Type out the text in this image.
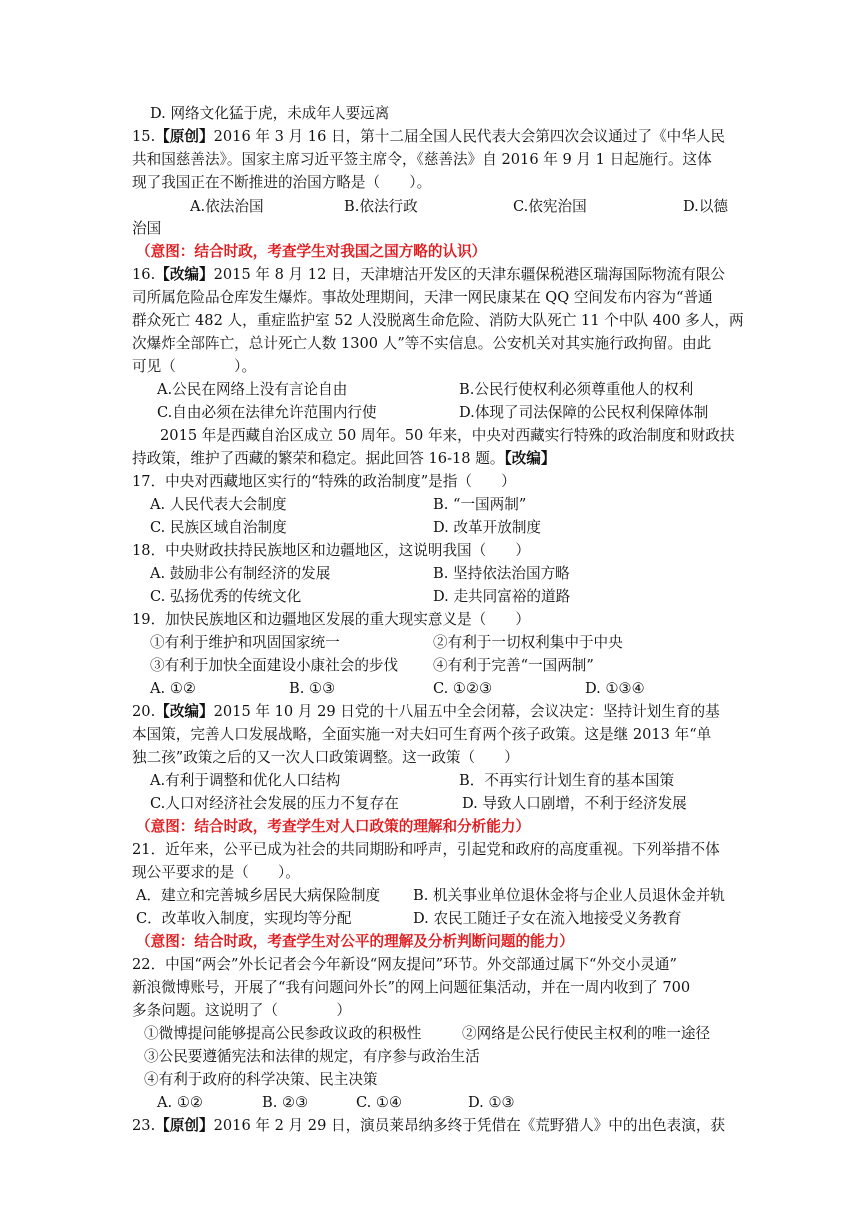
D. 网络文化猛于虎，未成年人要远离
15.【原创】2016 年 3 月 16 日，第十二届全国人民代表大会第四次会议通过了《中华人民
共和国慈善法》。国家主席习近平签主席令，《慈善法》自 2016 年 9 月 1 日起施行。这体
现了我国正在不断推进的治国方略是（　　）。
A.依法治国	B.依法行政	C.依宪治国	D.以德
治国
（意图：结合时政，考查学生对我国之国方略的认识）
16.【改编】2015 年 8 月 12 日，天津塘沽开发区的天津东疆保税港区瑞海国际物流有限公
司所属危险品仓库发生爆炸。事故处理期间，天津一网民康某在 QQ 空间发布内容为“普通
群众死亡 482 人，重症监护室 52 人没脱离生命危险、消防大队死亡 11 个中队 400 多人，两
次爆炸全部阵亡，总计死亡人数 1300 人”等不实信息。公安机关对其实施行政拘留。由此
可见（　　　　）。
A.公民在网络上没有言论自由	B.公民行使权利必须尊重他人的权利
C.自由必须在法律允许范围内行使	D.体现了司法保障的公民权利保障体制
2015 年是西藏自治区成立 50 周年。50 年来，中央对西藏实行特殊的政治制度和财政扶
持政策，维护了西藏的繁荣和稳定。据此回答 16-18 题。【改编】
17．中央对西藏地区实行的“特殊的政治制度”是指（　　）
A. 人民代表大会制度	B. “一国两制”
C. 民族区域自治制度	D. 改革开放制度
18．中央财政扶持民族地区和边疆地区，这说明我国（　　）
A. 鼓励非公有制经济的发展	B. 坚持依法治国方略
C. 弘扬优秀的传统文化	D. 走共同富裕的道路
19．加快民族地区和边疆地区发展的重大现实意义是（　　）
①有利于维护和巩固国家统一	②有利于一切权利集中于中央
③有利于加快全面建设小康社会的步伐 ④有利于完善“一国两制”
A. ①②	B. ①③	C. ①②③	D. ①③④
20.【改编】2015 年 10 月 29 日党的十八届五中全会闭幕，会议决定：坚持计划生育的基
本国策，完善人口发展战略，全面实施一对夫妇可生育两个孩子政策。这是继 2013 年“单
独二孩”政策之后的又一次人口政策调整。这一政策（　　）
A.有利于调整和优化人口结构	B．不再实行计划生育的基本国策
C.人口对经济社会发展的压力不复存在	D. 导致人口剧增，不利于经济发展
（意图：结合时政，考查学生对人口政策的理解和分析能力）
21．近年来，公平已成为社会的共同期盼和呼声，引起党和政府的高度重视。下列举措不体
现公平要求的是（　　）。
A．建立和完善城乡居民大病保险制度 B. 机关事业单位退休金将与企业人员退休金并轨
C．改革收入制度，实现均等分配	D. 农民工随迁子女在流入地接受义务教育
（意图：结合时政，考查学生对公平的理解及分析判断问题的能力）
22．中国“两会”外长记者会今年新设“网友提问”环节。外交部通过属下“外交小灵通”
新浪微博账号，开展了“我有问题问外长”的网上问题征集活动，并在一周内收到了 700
多条问题。这说明了（　　　　）
①微博提问能够提高公民参政议政的积极性	②网络是公民行使民主权利的唯一途径
③公民要遵循宪法和法律的规定，有序参与政治生活
④有利于政府的科学决策、民主决策
A. ①②	B. ②③	C. ①④	D. ①③
23.【原创】2016 年 2 月 29 日，演员莱昂纳多终于凭借在《荒野猎人》中的出色表演，获
